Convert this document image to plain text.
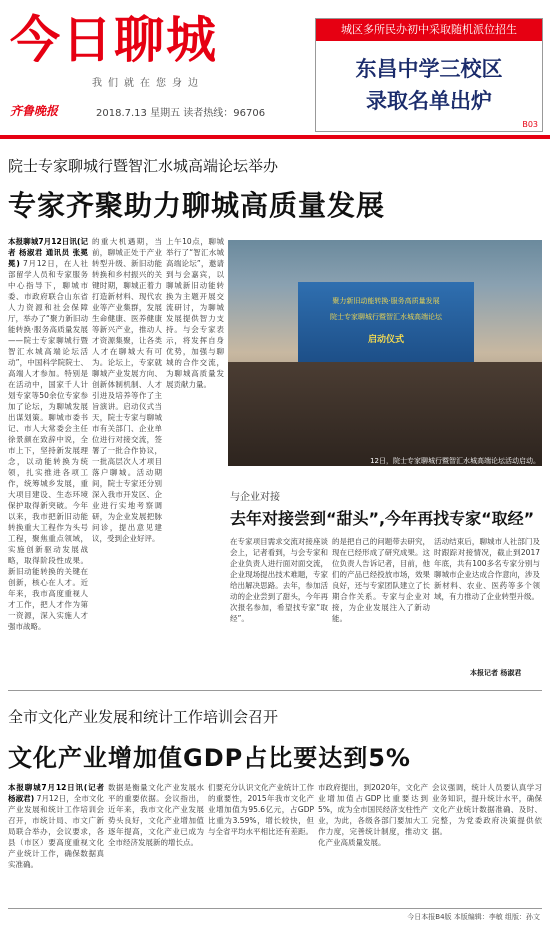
今日聊城
我们就在您身边
齐鲁晚报	2018.7.13 星期五 读者热线：96706
城区多所民办初中采取随机派位招生
东昌中学三校区
录取名单出炉
B03
院士专家聊城行暨智汇水城高端论坛举办
专家齐聚助力聊城高质量发展
本报聊城7月12日讯(记者 杨淑君 通讯员 张冕冕) 7月12日，在人社部留学人员和专家服务中心指导下，聊城市委、市政府联合山东省人力资源和社会保障厅，举办了“聚力新旧动能转换·服务高质量发展——院士专家聊城行暨智汇水城高端论坛活动”，中国科学院院士、高端人才参加。特别是在活动中，国家千人计划专家等50余位专家参加了论坛，为聊城发展出谋划策。聊城市委书记、市人大常委会主任徐景颜在致辞中说，全市上下，坚持新发展理念，以动能转换为统领，扎实推进各项工作，统筹城乡发展，重大项目建设、生态环境保护取得新突破。今年以来，我市把新旧动能转换重大工程作为头号工程，聚焦重点领域，实施创新驱动发展战略，取得阶段性成果。新旧动能转换的关键在创新，核心在人才。近年来，我市高度重视人才工作，把人才作为第一资源，深入实施人才强市战略。
的重大机遇期，当前，聊城正处于产业转型升级、新旧动能转换和乡村振兴的关键时期，聊城正着力打造新材料、现代农业等产业集群，发展生命健康、医养健康等新兴产业，推动人才资源集聚，让各类人才在聊城大有可为。论坛上，专家就聊城产业发展方向、创新体制机制、人才引进及培养等作了主旨演讲。启动仪式当天，院士专家与聊城市有关部门、企业单位进行对接交流，签署了一批合作协议，一批高层次人才项目落户聊城。活动期间，院士专家还分别深入我市开发区、企业进行实地考察调研，为企业发展把脉问诊，提出意见建议，受到企业好评。
上午10点，聊城举行了“智汇水城高端论坛”，邀请到与会嘉宾，以聊城新旧动能转换为主题开展交流研讨，为聊城发展提供智力支持。与会专家表示，将发挥自身优势，加强与聊城的合作交流，为聊城高质量发展贡献力量。
聚力新旧动能转换·服务高质量发展
院士专家聊城行暨智汇水城高端论坛
启动仪式
12日，院士专家聊城行暨智汇水城高端论坛活动启动。
与企业对接
去年对接尝到“甜头”,今年再找专家“取经”
在专家项目需求交流对接座谈会上，记者看到，与会专家和企业负责人进行面对面交流，企业现场提出技术难题，专家给出解决思路。去年，参加活动的企业尝到了甜头，今年再次报名参加，希望找专家“取经”。
的是把自己的问题带去研究，现在已经形成了研究成果。这位负责人告诉记者，目前，他们的产品已经投放市场，效果良好，还与专家团队建立了长期合作关系。专家与企业对接，为企业发展注入了新动能。
活动结束后，聊城市人社部门及时跟踪对接情况，截止到2017年底，共有100多名专家分别与聊城市企业达成合作意向，涉及新材料、农业、医药等多个领域，有力推动了企业转型升级。
本报记者 杨淑君
全市文化产业发展和统计工作培训会召开
文化产业增加值GDP占比要达到5%
本报聊城7月12日讯(记者 杨淑君) 7月12日，全市文化产业发展和统计工作培训会召开，市统计局、市文广新局联合举办，会议要求，各县（市区）要高度重视文化产业统计工作，确保数据真实准确。
数据是衡量文化产业发展水平的重要依据。会议指出，近年来，我市文化产业发展势头良好，文化产业增加值逐年提高，文化产业已成为全市经济发展新的增长点。
们要充分认识文化产业统计工作的重要性，2015年我市文化产业增加值为95.6亿元，占GDP比重为3.59%，增长较快，但与全省平均水平相比还有差距。
市政府提出，到2020年，文化产业增加值占GDP比重要达到5%，成为全市国民经济支柱性产业，为此，各级各部门要加大工作力度，完善统计制度，推动文化产业高质量发展。
会议强调，统计人员要认真学习业务知识，提升统计水平，确保文化产业统计数据准确、及时、完整，为党委政府决策提供依据。
今日本报B4版 本版编辑：李敏 组版：孙文
